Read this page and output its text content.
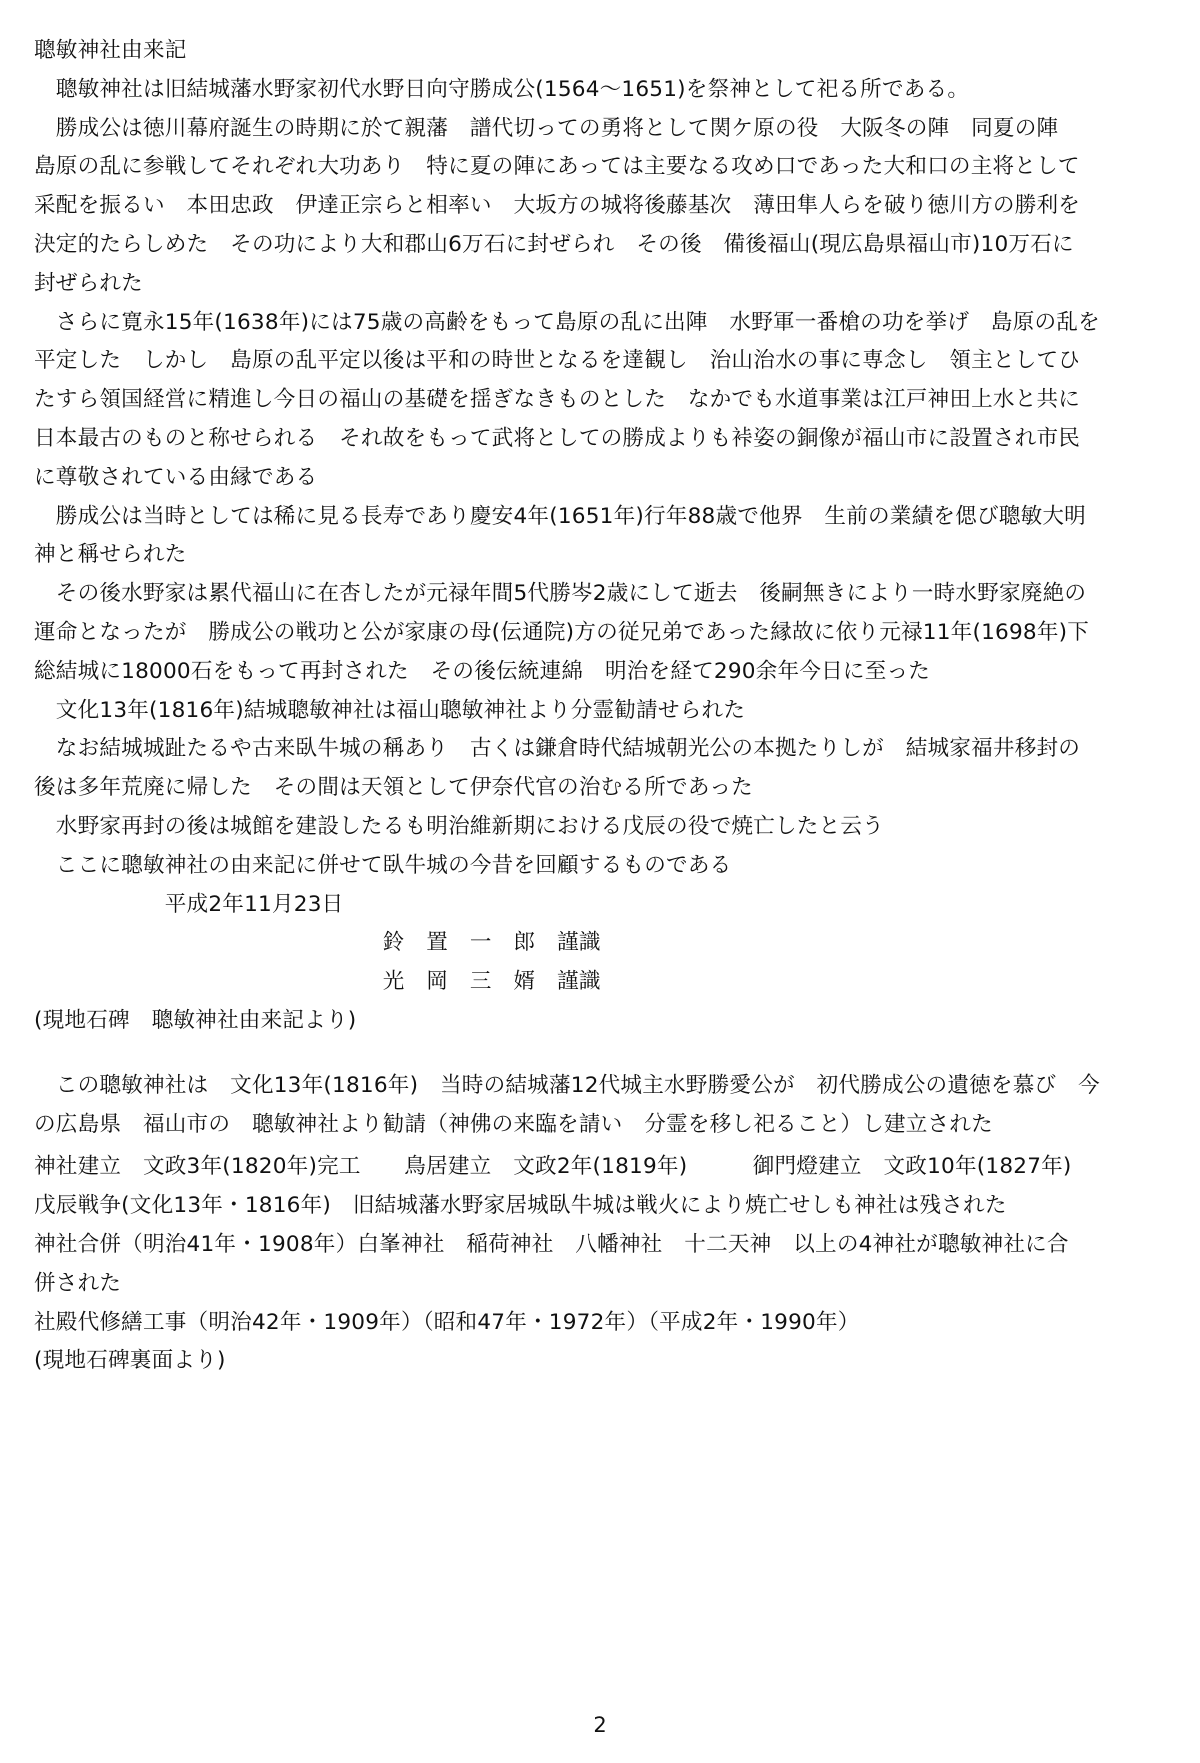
聰敏神社由来記
　聰敏神社は旧結城藩水野家初代水野日向守勝成公(1564～1651)を祭神として祀る所である。
　勝成公は徳川幕府誕生の時期に於て親藩　譜代切っての勇将として関ケ原の役　大阪冬の陣　同夏の陣
島原の乱に参戦してそれぞれ大功あり　特に夏の陣にあっては主要なる攻め口であった大和口の主将として
采配を振るい　本田忠政　伊達正宗らと相率い　大坂方の城将後藤基次　薄田隼人らを破り徳川方の勝利を
決定的たらしめた　その功により大和郡山6万石に封ぜられ　その後　備後福山(現広島県福山市)10万石に
封ぜられた
　さらに寛永15年(1638年)には75歳の高齢をもって島原の乱に出陣　水野軍一番槍の功を挙げ　島原の乱を
平定した　しかし　島原の乱平定以後は平和の時世となるを達観し　治山治水の事に専念し　領主としてひ
たすら領国経営に精進し今日の福山の基礎を揺ぎなきものとした　なかでも水道事業は江戸神田上水と共に
日本最古のものと称せられる　それ故をもって武将としての勝成よりも裃姿の銅像が福山市に設置され市民
に尊敬されている由縁である
　勝成公は当時としては稀に見る長寿であり慶安4年(1651年)行年88歳で他界　生前の業績を偲び聰敏大明
神と稱せられた
　その後水野家は累代福山に在杏したが元禄年間5代勝岑2歳にして逝去　後嗣無きにより一時水野家廃絶の
運命となったが　勝成公の戦功と公が家康の母(伝通院)方の従兄弟であった縁故に依り元禄11年(1698年)下
総結城に18000石をもって再封された　その後伝統連綿　明治を経て290余年今日に至った
　文化13年(1816年)結城聰敏神社は福山聰敏神社より分霊勧請せられた
　なお結城城趾たるや古来臥牛城の稱あり　古くは鎌倉時代結城朝光公の本拠たりしが　結城家福井移封の
後は多年荒廃に帰した　その間は天領として伊奈代官の治むる所であった
　水野家再封の後は城館を建設したるも明治維新期における戊辰の役で焼亡したと云う
　ここに聰敏神社の由来記に併せて臥牛城の今昔を回顧するものである
　　　　　　平成2年11月23日
　　　　　　　　　　　　　　　　鈴　置　一　郎　謹識
　　　　　　　　　　　　　　　　光　岡　三　婿　謹識
(現地石碑　聰敏神社由来記より)
　この聰敏神社は　文化13年(1816年)　当時の結城藩12代城主水野勝愛公が　初代勝成公の遺徳を慕び　今
の広島県　福山市の　聰敏神社より勧請（神佛の来臨を請い　分霊を移し祀ること）し建立された
神社建立　文政3年(1820年)完工　　鳥居建立　文政2年(1819年)　　　御門燈建立　文政10年(1827年)
戊辰戦争(文化13年・1816年)　旧結城藩水野家居城臥牛城は戦火により焼亡せしも神社は残された
神社合併（明治41年・1908年）白峯神社　稲荷神社　八幡神社　十二天神　以上の4神社が聰敏神社に合
併された
社殿代修繕工事（明治42年・1909年）（昭和47年・1972年）（平成2年・1990年）
(現地石碑裏面より)
2
